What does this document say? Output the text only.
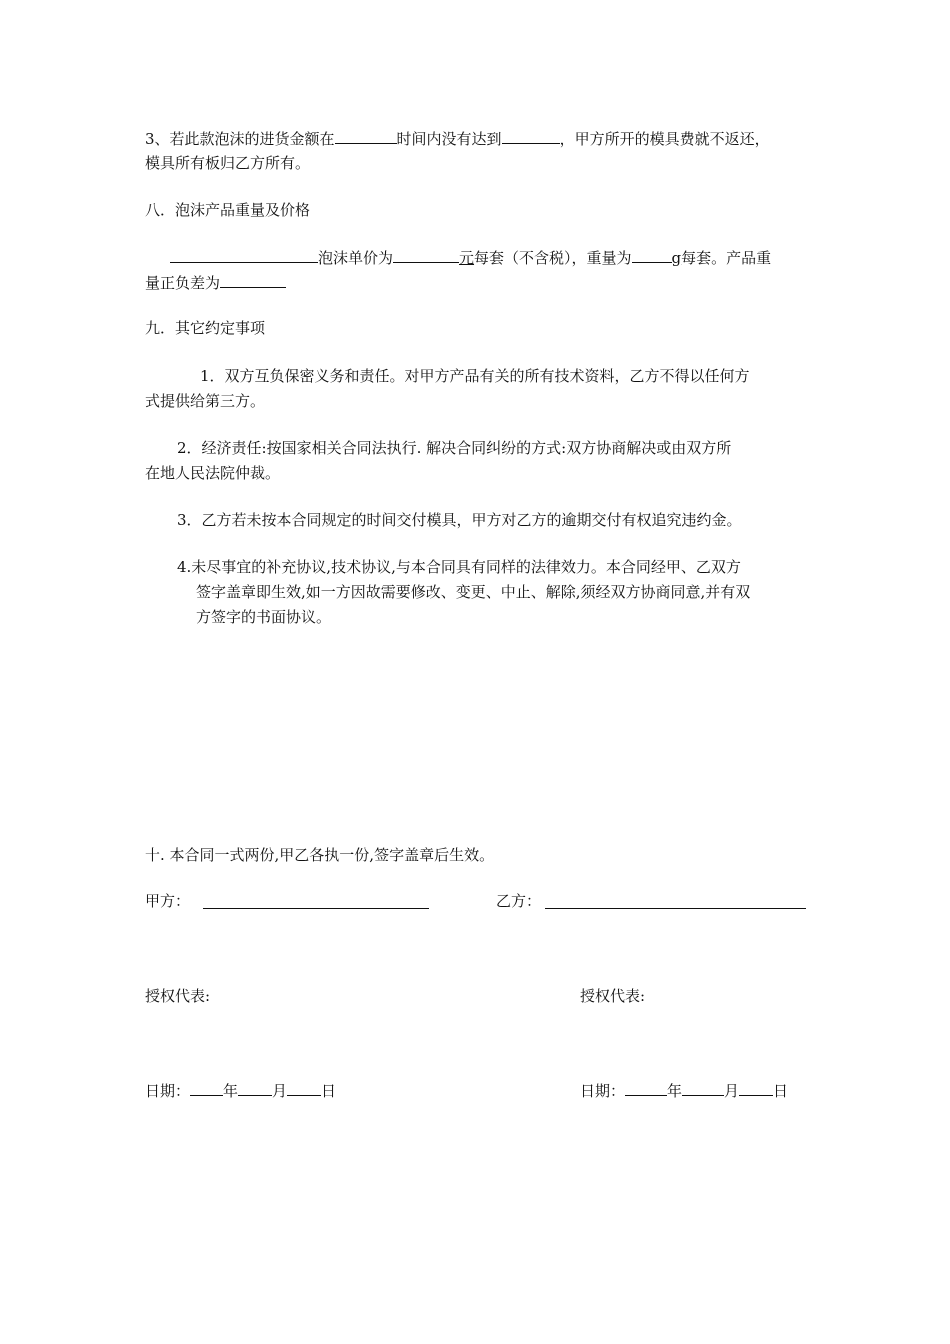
3、若此款泡沫的进货金额在	时间内没有达到	，甲方所开的模具费就不返还，
模具所有板归乙方所有。
八．泡沫产品重量及价格
泡沫单价为	元每套（不含税），重量为	g每套。产品重
量正负差为
九．其它约定事项
1．双方互负保密义务和责任。对甲方产品有关的所有技术资料，乙方不得以任何方
式提供给第三方。
2．经济责任:按国家相关合同法执行. 解决合同纠纷的方式:双方协商解决或由双方所
在地人民法院仲裁。
3．乙方若未按本合同规定的时间交付模具，甲方对乙方的逾期交付有权追究违约金。
4.未尽事宜的补充协议,技术协议,与本合同具有同样的法律效力。本合同经甲、乙双方
签字盖章即生效,如一方因故需要修改、变更、中止、解除,须经双方协商同意,并有双
方签字的书面协议。
十. 本合同一式两份,甲乙各执一份,签字盖章后生效。
甲方：	乙方：
授权代表:	授权代表:
日期： 年 月 日	日期：	年	月 日
